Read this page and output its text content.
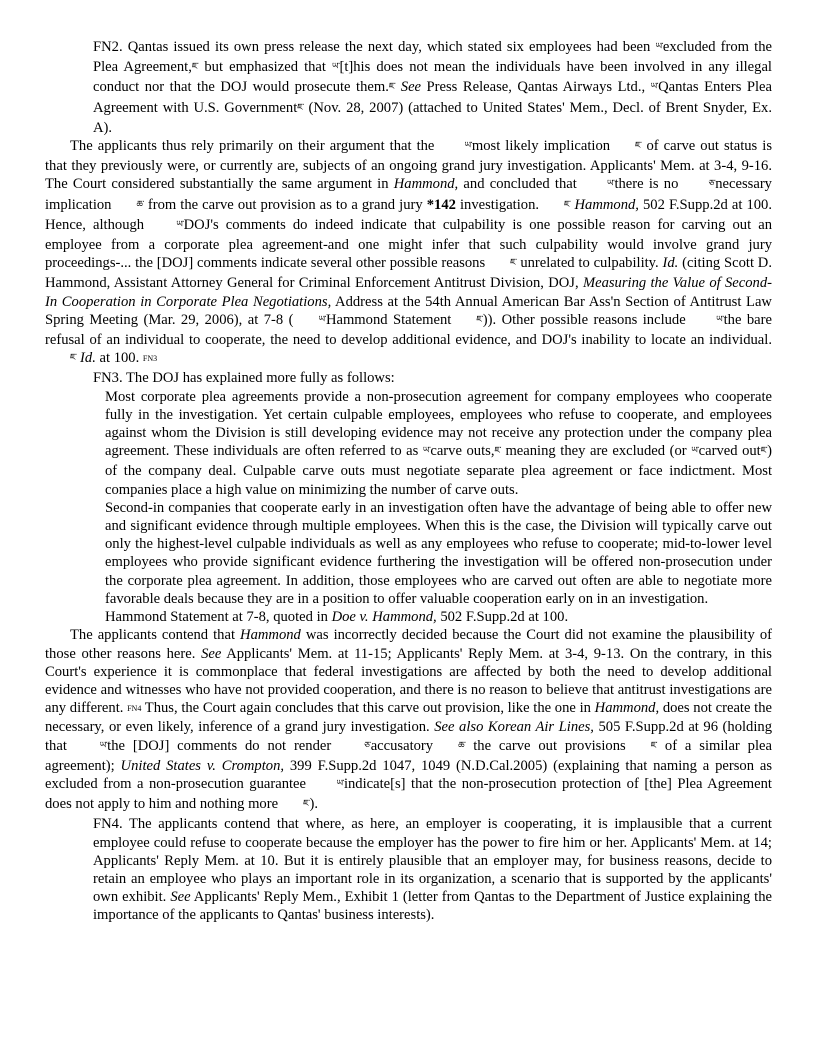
FN2. Qantas issued its own press release the next day, which stated six employees had been ཡ་excluded from the Plea Agreement,ཇ་ but emphasized that ཡ་[t]his does not mean the individuals have been involved in any illegal conduct nor that the DOJ would prosecute them.ཇ་ See Press Release, Qantas Airways Ltd., ཡ་Qantas Enters Plea Agreement with U.S. Governmentཇ་ (Nov. 28, 2007) (attached to United States' Mem., Decl. of Brent Snyder, Ex. A).

The applicants thus rely primarily on their argument that the	ཡ་most likely implication	ཇ་ of carve out status is that they previously were, or currently are, subjects of an ongoing grand jury investigation. Applicants' Mem. at 3-4, 9-16. The Court considered substantially the same argument in Hammond, and concluded that	ཡ་there is no	ཅ་necessary implication	ཆ་ from the carve out provision as to a grand jury *142 investigation.	ཇ་ Hammond, 502 F.Supp.2d at 100. Hence, although	ཡ་DOJ's comments do indeed indicate that culpability is one possible reason for carving out an employee from a corporate plea agreement-and one might infer that such culpability would involve grand jury proceedings-... the [DOJ] comments indicate several other possible reasons	ཇ་ unrelated to culpability. Id. (citing Scott D. Hammond, Assistant Attorney General for Criminal Enforcement Antitrust Division, DOJ, Measuring the Value of Second-In Cooperation in Corporate Plea Negotiations, Address at the 54th Annual American Bar Ass'n Section of Antitrust Law Spring Meeting (Mar. 29, 2006), at 7-8 (	ཡ་Hammond Statement	ཇ་)). Other possible reasons include	ཡ་the bare refusal of an individual to cooperate, the need to develop additional evidence, and DOJ's inability to locate an individual.ཇ་ Id. at 100. FN3

FN3. The DOJ has explained more fully as follows:

Most corporate plea agreements provide a non-prosecution agreement for company employees who cooperate fully in the investigation. Yet certain culpable employees, employees who refuse to cooperate, and employees against whom the Division is still developing evidence may not receive any protection under the company plea agreement. These individuals are often referred to as ཡ་carve outs,ཇ་ meaning they are excluded (or ཡ་carved outཇ་) of the company deal. Culpable carve outs must negotiate separate plea agreement or face indictment. Most companies place a high value on minimizing the number of carve outs.

Second-in companies that cooperate early in an investigation often have the advantage of being able to offer new and significant evidence through multiple employees. When this is the case, the Division will typically carve out only the highest-level culpable individuals as well as any employees who refuse to cooperate; mid-to-lower level employees who provide significant evidence furthering the investigation will be offered non-prosecution under the corporate plea agreement. In addition, those employees who are carved out often are able to negotiate more favorable deals because they are in a position to offer valuable cooperation early on in an investigation.

Hammond Statement at 7-8, quoted in Doe v. Hammond, 502 F.Supp.2d at 100.

The applicants contend that Hammond was incorrectly decided because the Court did not examine the plausibility of those other reasons here. See Applicants' Mem. at 11-15; Applicants' Reply Mem. at 3-4, 9-13. On the contrary, in this Court's experience it is commonplace that federal investigations are affected by both the need to develop additional evidence and witnesses who have not provided cooperation, and there is no reason to believe that antitrust investigations are any different. FN4 Thus, the Court again concludes that this carve out provision, like the one in Hammond, does not create the necessary, or even likely, inference of a grand jury investigation. See also Korean Air Lines, 505 F.Supp.2d at 96 (holding that	ཡ་the [DOJ] comments do not render	ཅ་accusatory	ཆ་ the carve out provisions	ཇ་ of a similar plea agreement); United States v. Crompton, 399 F.Supp.2d 1047, 1049 (N.D.Cal.2005) (explaining that naming a person as excluded from a non-prosecution guarantee	ཡ་indicate[s] that the non-prosecution protection of [the] Plea Agreement does not apply to him and nothing more	ཇ་).

FN4. The applicants contend that where, as here, an employer is cooperating, it is implausible that a current employee could refuse to cooperate because the employer has the power to fire him or her. Applicants' Mem. at 14; Applicants' Reply Mem. at 10. But it is entirely plausible that an employer may, for business reasons, decide to retain an employee who plays an important role in its organization, a scenario that is supported by the applicants' own exhibit. See Applicants' Reply Mem., Exhibit 1 (letter from Qantas to the Department of Justice explaining the importance of the applicants to Qantas' business interests).
